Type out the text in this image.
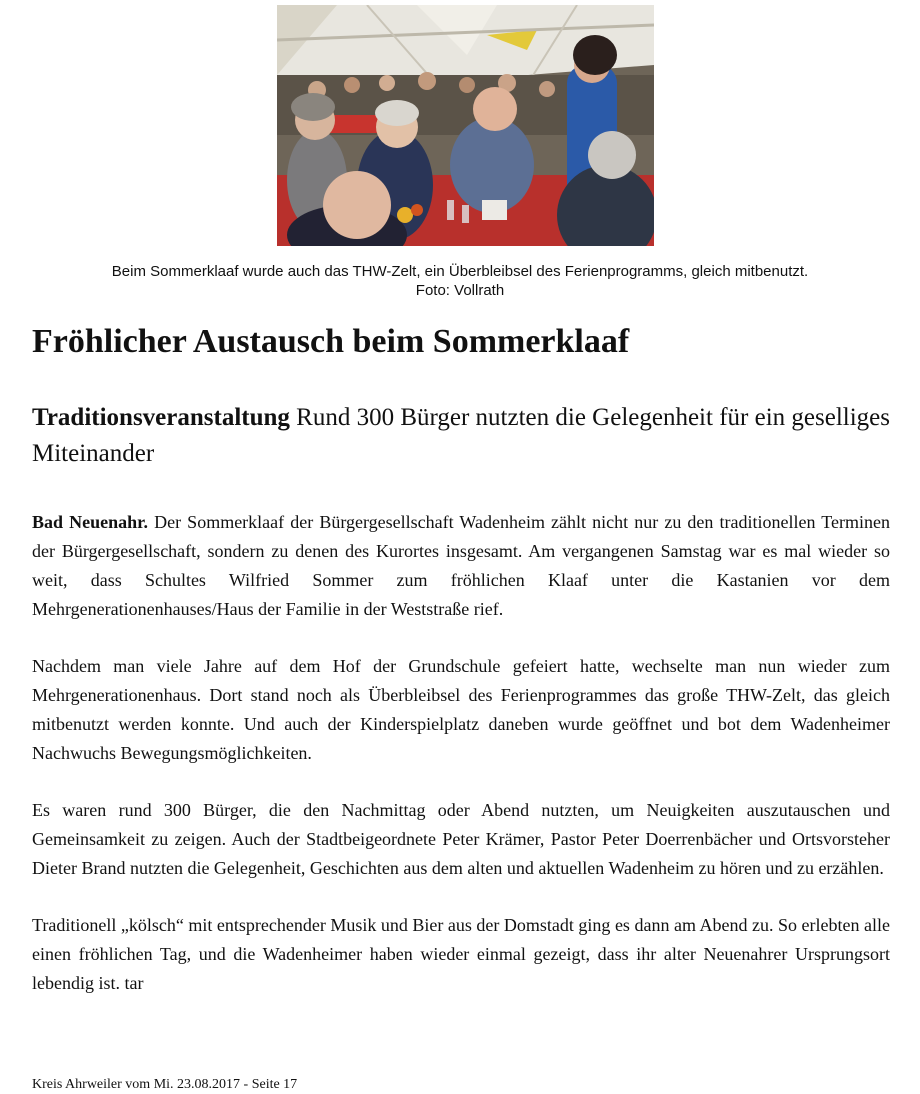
Beim Sommerklaaf wurde auch das THW-Zelt, ein Überbleibsel des Ferienprogramms, gleich mitbenutzt.
Foto: Vollrath
Fröhlicher Austausch beim Sommerklaaf
Traditionsveranstaltung Rund 300 Bürger nutzten die Gelegenheit für ein geselliges Miteinander

Bad Neuenahr. Der Sommerklaaf der Bürgergesellschaft Wadenheim zählt nicht nur zu den traditionellen Terminen der Bürgergesellschaft, sondern zu denen des Kurortes insgesamt. Am vergangenen Samstag war es mal wieder so weit, dass Schultes Wilfried Sommer zum fröhlichen Klaaf unter die Kastanien vor dem Mehrgenerationenhauses/Haus der Familie in der Weststraße rief.

Nachdem man viele Jahre auf dem Hof der Grundschule gefeiert hatte, wechselte man nun wieder zum Mehrgenerationenhaus. Dort stand noch als Überbleibsel des Ferienprogrammes das große THW-Zelt, das gleich mitbenutzt werden konnte. Und auch der Kinderspielplatz daneben wurde geöffnet und bot dem Wadenheimer Nachwuchs Bewegungsmöglichkeiten.

Es waren rund 300 Bürger, die den Nachmittag oder Abend nutzten, um Neuigkeiten auszutauschen und Gemeinsamkeit zu zeigen. Auch der Stadtbeigeordnete Peter Krämer, Pastor Peter Doerrenbächer und Ortsvorsteher Dieter Brand nutzten die Gelegenheit, Geschichten aus dem alten und aktuellen Wadenheim zu hören und zu erzählen.

Traditionell „kölsch“ mit entsprechender Musik und Bier aus der Domstadt ging es dann am Abend zu. So erlebten alle einen fröhlichen Tag, und die Wadenheimer haben wieder einmal gezeigt, dass ihr alter Neuenahrer Ursprungsort lebendig ist. tar

Kreis Ahrweiler vom Mi. 23.08.2017 - Seite 17
